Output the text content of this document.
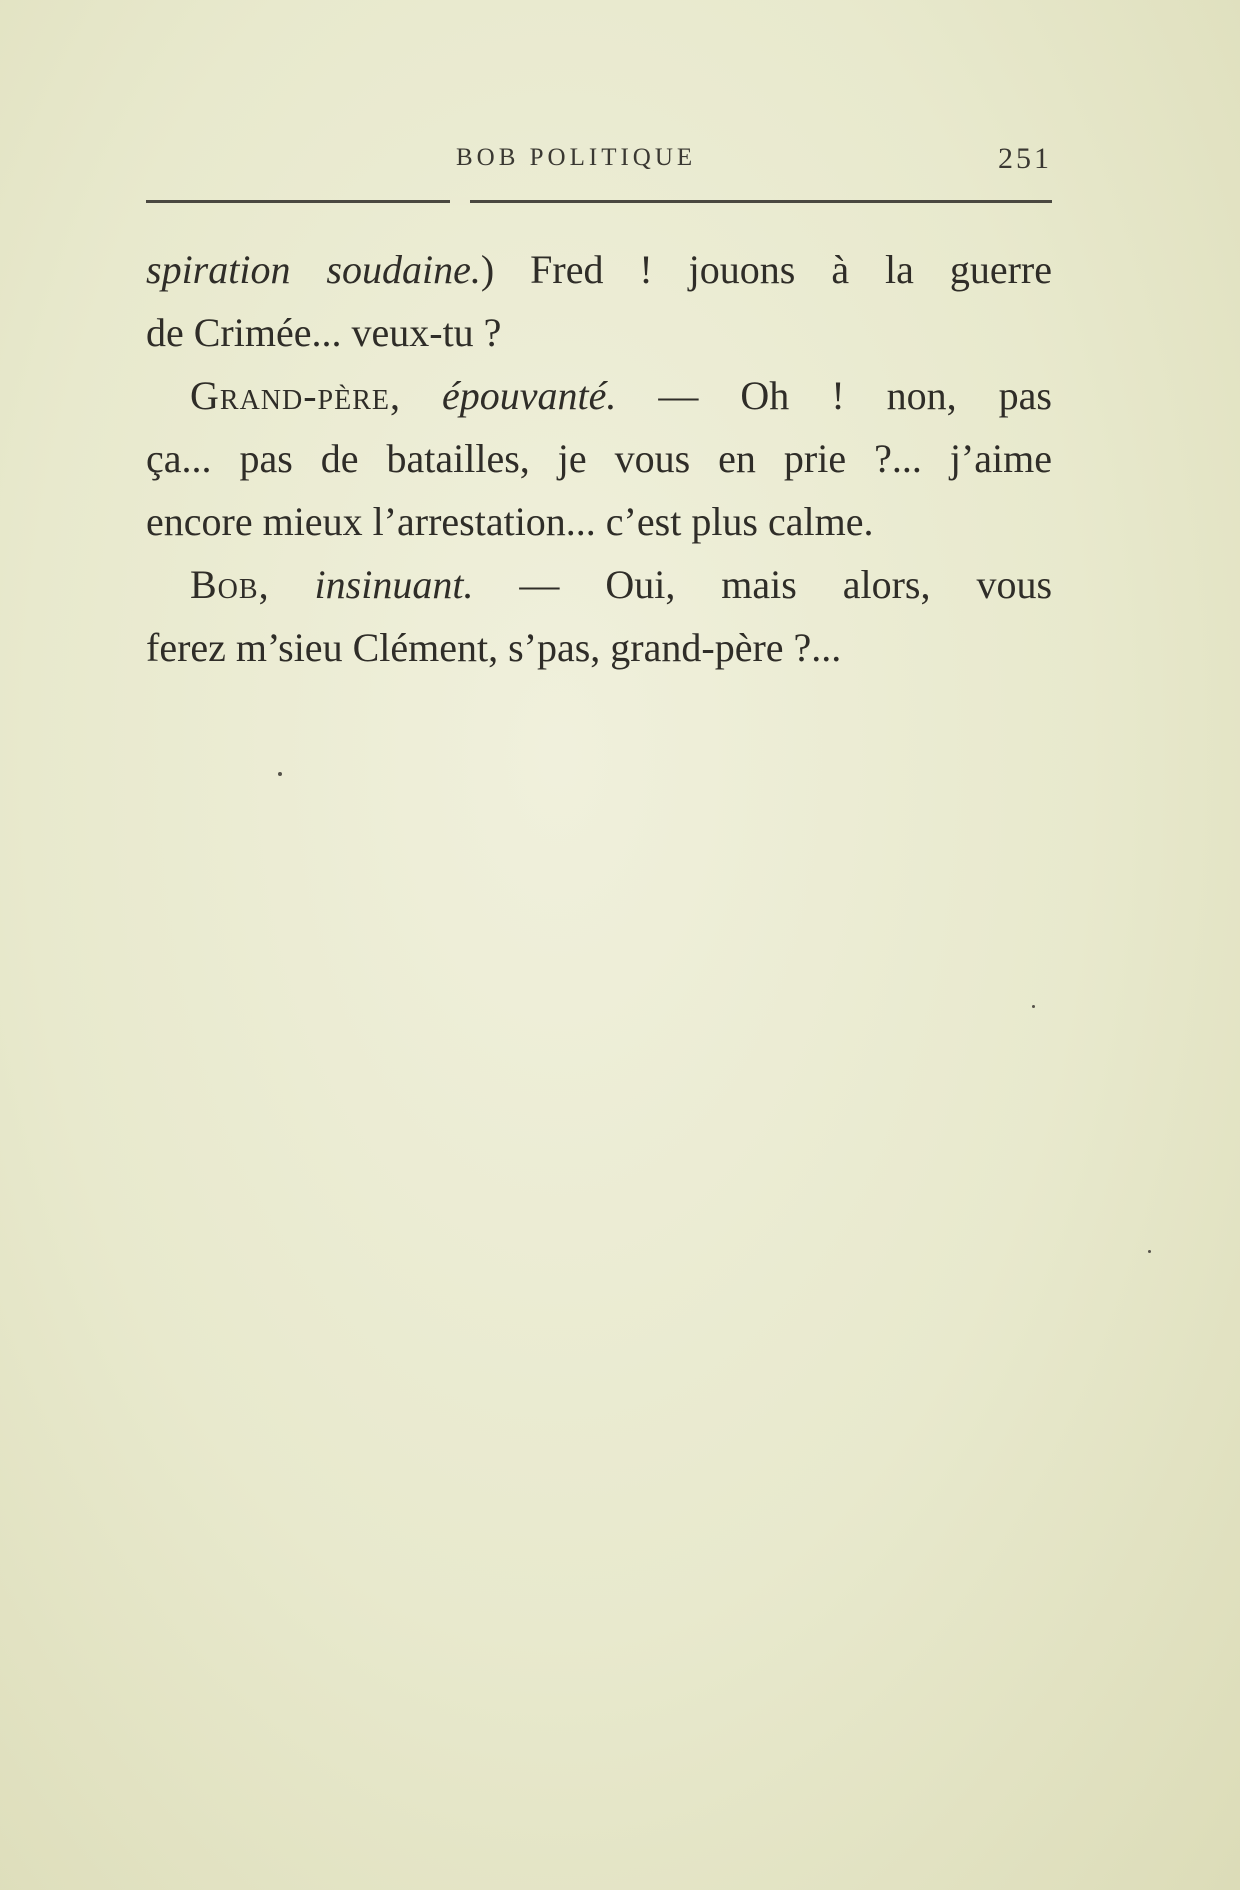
BOB POLITIQUE	251
spiration soudaine.) Fred ! jouons à la guerre
de Crimée... veux-tu ?
Grand-père, épouvanté. — Oh ! non, pas
ça... pas de batailles, je vous en prie ?... j’aime
encore mieux l’arrestation... c’est plus calme.
Bob, insinuant. — Oui, mais alors, vous
ferez m’sieu Clément, s’pas, grand-père ?...
